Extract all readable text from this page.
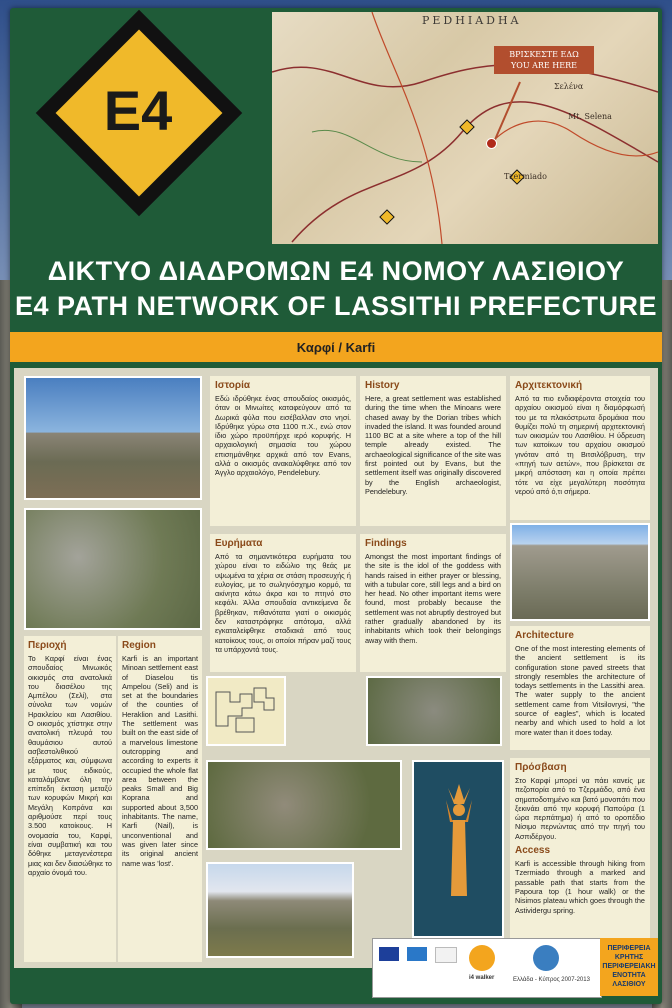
E4
PEDHIADHA
ΒΡΙΣΚΕΣΤΕ ΕΔΩ
YOU ARE HERE
Σελένα
Mt. Selena
Tzermiado
ΔΙΚΤΥΟ ΔΙΑΔΡΟΜΩΝ Ε4 ΝΟΜΟΥ ΛΑΣΙΘΙΟΥ
E4 PATH NETWORK OF LASSITHI PREFECTURE
Καρφί / Karfi
Ιστορία
Εδώ ιδρύθηκε ένας σπουδαίος οικισμός, όταν οι Μινωίτες καταφεύγουν από τα Δωρικά φύλα που εισέβαλλαν στο νησί. Ιδρύθηκε γύρω στα 1100 π.Χ., ενώ στον ίδιο χώρο προϋπήρχε ιερό κορυφής. Η αρχαιολογική σημασία του χώρου επισημάνθηκε αρχικά από τον Evans, αλλά ο οικισμός ανακαλύφθηκε από τον Άγγλο αρχαιολόγο, Pendelebury.
History
Here, a great settlement was established during the time when the Minoans were chased away by the Dorian tribes which invaded the island. It was founded around 1100 BC at a site where a top of the hill temple already existed. The archaeological significance of the site was first pointed out by Evans, but the settlement itself was originally discovered by the English archaeologist, Pendelebury.
Αρχιτεκτονική
Από τα πιο ενδιαφέροντα στοιχεία του αρχαίου οικισμού είναι η διαμόρφωσή του με τα πλακόστρωτα δρομάκια που θυμίζει πολύ τη σημερινή αρχιτεκτονική των οικισμών του Λασιθίου. Η ύδρευση των κατοίκων του αρχαίου οικισμού γινόταν από τη Βιτσιλόβρυση, την «πηγή των αετών», που βρίσκεται σε μικρή απόσταση και η οποία πρέπει τότε να είχε μεγαλύτερη ποσότητα νερού από ό,τι σήμερα.
Ευρήματα
Από τα σημαντικότερα ευρήματα του χώρου είναι το ειδώλιο της θεάς με υψωμένα τα χέρια σε στάση προσευχής ή ευλογίας, με το σωληνόσχημο κορμό, τα ακίνητα κάτω άκρα και το πτηνό στο κεφάλι. Άλλα σπουδαία αντικείμενα δε βρέθηκαν, πιθανότατα γιατί ο οικισμός δεν καταστράφηκε απότομα, αλλά εγκαταλείφθηκε σταδιακά από τους κατοίκους τους, οι οποίοι πήραν μαζί τους τα υπάρχοντά τους.
Findings
Amongst the most important findings of the site is the idol of the goddess with hands raised in either prayer or blessing, with a tubular core, still legs and a bird on her head. No other important items were found, most probably because the settlement was not abruptly destroyed but rather gradually abandoned by its inhabitants which took their belongings away with them.	Architecture
One of the most interesting elements of the ancient settlement is its configuration stone paved streets that strongly resembles the architecture of todays settlements in the Lassithi area. The water supply to the ancient settlement came from Vitsilovrysi, "the source of eagles", which is located nearby and which used to hold a lot more water than it does today.
Περιοχή
Το Καρφί είναι ένας σπουδαίος Μινωικός οικισμός στα ανατολικά του διασέλου της Αμπέλου (Σελί), στα σύνολα των νομών Ηρακλείου και Λασιθίου. Ο οικισμός χτίστηκε στην ανατολική πλευρά του θαυμάσιου αυτού ασβεστολιθικού εξάρματος και, σύμφωνα με τους ειδικούς, καταλάμβανε όλη την επίπεδη έκταση μεταξύ των κορυφών Μικρή και Μεγάλη Κοπράνα και αριθμούσε περί τους 3.500 κατοίκους. Η ονομασία του, Καρφί, είναι συμβατική και του δόθηκε μεταγενέστερα μιας και δεν διασώθηκε το αρχαίο όνομά του.
Region
Karfi is an important Minoan settlement east of Diaselou tis Ampelou (Seli) and is set at the boundaries of the counties of Heraklion and Lasithi. The settlement was built on the east side of a marvelous limestone outcropping and according to experts it occupied the whole flat area between the peaks Small and Big Koprana and supported about 3,500 inhabitants. The name, Karfi (Nail), is unconventional and was given later since its original ancient name was 'lost'.
Πρόσβαση
Στο Καρφί μπορεί να πάει κανείς με πεζοπορία από το Τζερμιάδο, από ένα σηματοδοτημένο και βατό μονοπάτι που ξεκινάει από την κορυφή Παπούρα (1 ώρα περπάτημα) ή από το οροπέδιο Νίσιμο περνώντας από την πηγή του Ασπιδέργου.
Access
Karfi is accessible through hiking from Tzermiado through a marked and passable path that starts from the Papoura top (1 hour walk) or the Nisimos plateau which goes through the Astividergu spring.
i4 walker	Ελλάδα - Κύπρος 2007-2013
ΠΕΡΙΦΕΡΕΙΑ
ΚΡΗΤΗΣ
ΠΕΡΙΦΕΡΕΙΑΚΗ
ΕΝΟΤΗΤΑ
ΛΑΣΙΘΙΟΥ
